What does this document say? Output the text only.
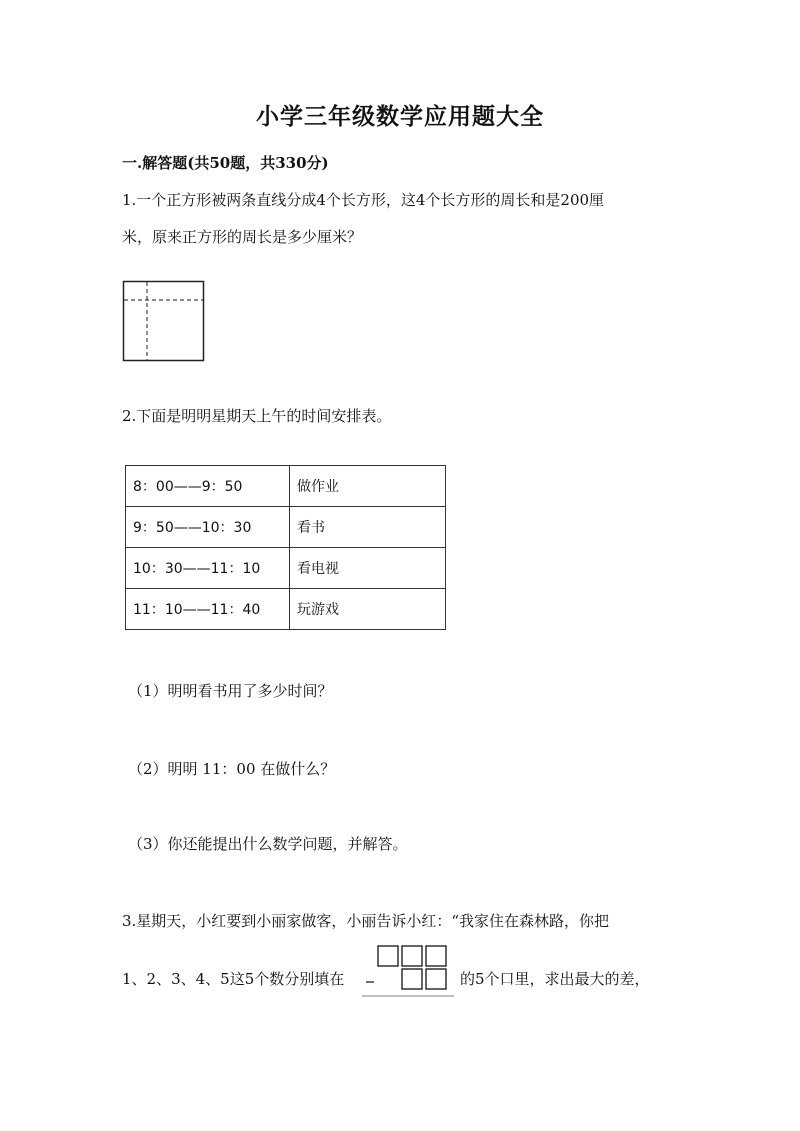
小学三年级数学应用题大全
一.解答题(共50题，共330分)
1.一个正方形被两条直线分成4个长方形，这4个长方形的周长和是200厘
米，原来正方形的周长是多少厘米？
2.下面是明明星期天上午的时间安排表。
8：00——9：50	做作业
9：50——10：30	看书
10：30——11：10	看电视
11：10——11：40	玩游戏
（1）明明看书用了多少时间？
（2）明明 11：00 在做什么？
（3）你还能提出什么数学问题，并解答。
3.星期天，小红要到小丽家做客，小丽告诉小红：“我家住在森林路，你把
1、2、3、4、5这5个数分别填在	的5个口里，求出最大的差，
